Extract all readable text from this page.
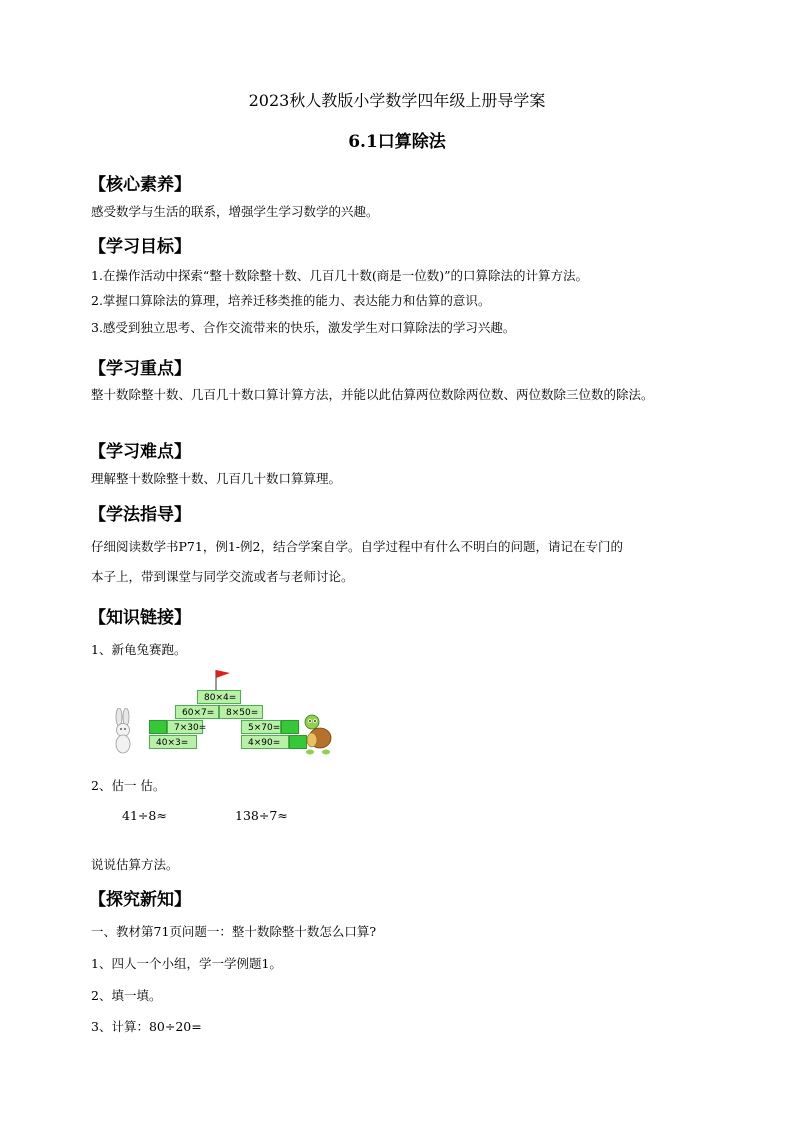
2023秋人教版小学数学四年级上册导学案
6.1口算除法
【核心素养】
感受数学与生活的联系，增强学生学习数学的兴趣。
【学习目标】
1.在操作活动中探索“整十数除整十数、几百几十数(商是一位数)”的口算除法的计算方法。
2.掌握口算除法的算理，培养迁移类推的能力、表达能力和估算的意识。
3.感受到独立思考、合作交流带来的快乐，激发学生对口算除法的学习兴趣。
【学习重点】
整十数除整十数、几百几十数口算计算方法，并能以此估算两位数除两位数、两位数除三位数的除法。
【学习难点】
理解整十数除整十数、几百几十数口算算理。
【学法指导】
仔细阅读数学书P71，例1-例2，结合学案自学。自学过程中有什么不明白的问题，请记在专门的
本子上，带到课堂与同学交流或者与老师讨论。
【知识链接】
1、新龟兔赛跑。
80×4=
60×7=	8×50=
7×30=	5×70=
40×3=	4×90=
2、估一 估。
41÷8≈	138÷7≈
说说估算方法。
【探究新知】
一、教材第71页问题一：整十数除整十数怎么口算?
1、四人一个小组，学一学例题1。
2、填一填。
3、计算：80÷20=
